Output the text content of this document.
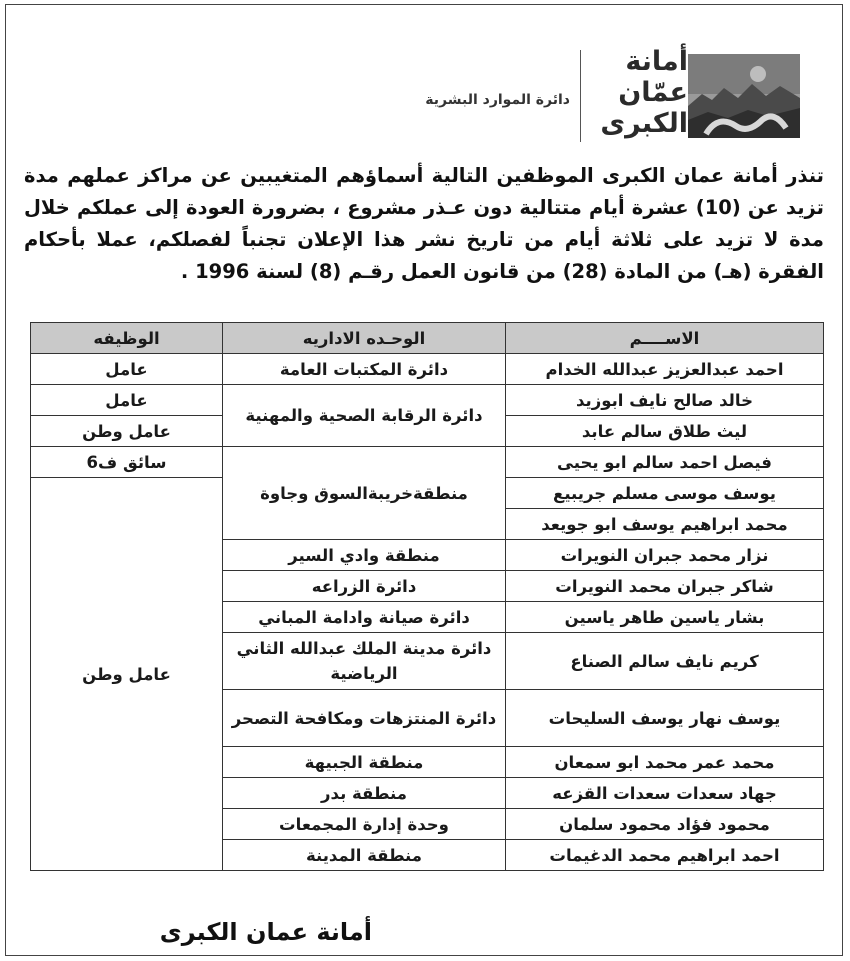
أمانة
عمّان
الكبرى
دائرة الموارد البشرية
تنذر أمانة عمان الكبرى الموظفين التالية أسماؤهم المتغيبين عن مراكز عملهم مدة تزيد عن (10) عشرة أيام متتالية دون عـذر مشروع ، بضرورة العودة إلى عملكم خلال مدة لا تزيد على ثلاثة أيام من تاريخ نشر هذا الإعلان تجنباً لفصلكم، عملا بأحكام الفقرة (هـ) من المادة (28) من قانون العمل رقـم (8) لسنة 1996 .
الاســــم	الوحـده الاداريه	الوظيفه
احمد عبدالعزيز عبدالله الخدام	دائرة المكتبات العامة	عامل
خالد صالح نايف ابوزيد	دائرة الرقابة الصحية والمهنية	عامل
ليث طلاق سالم عابد		عامل وطن
فيصل احمد سالم ابو يحيى	منطقةخريبةالسوق وجاوة	سائق ف6
يوسف موسى مسلم جريبيع		عامل وطن
محمد ابراهيم يوسف ابو جويعد		
نزار محمد جبران النويرات	منطقة وادي السير	
شاكر جبران محمد النويرات	دائرة الزراعه	
بشار ياسين طاهر ياسين	دائرة صيانة وادامة المباني	
كريم نايف سالم الصناع	دائرة مدينة الملك عبدالله الثاني الرياضية	
يوسف نهار يوسف السليحات	دائرة المنتزهات ومكافحة التصحر	
محمد عمر محمد ابو سمعان	منطقة الجبيهة	
جهاد سعدات سعدات القزعه	منطقة بدر	
محمود فؤاد محمود سلمان	وحدة إدارة المجمعات	
احمد ابراهيم محمد الدغيمات	منطقة المدينة	
أمانة عمان الكبرى
